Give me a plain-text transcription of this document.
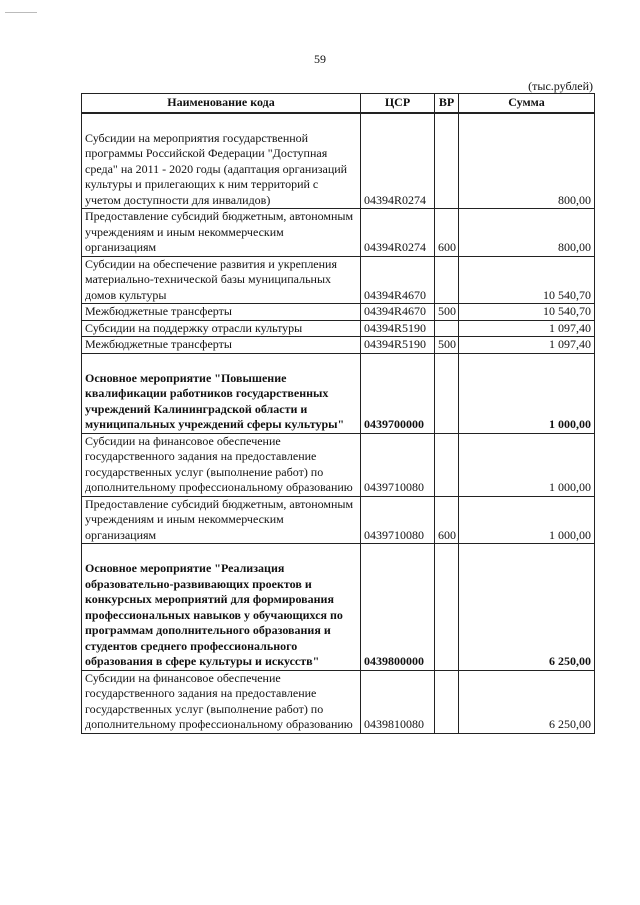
59
(тыс.рублей)
Наименование кода	ЦСР	ВР	Сумма
Субсидии на мероприятия государственной программы Российской Федерации "Доступная среда" на 2011 - 2020 годы (адаптация организаций культуры и прилегающих к ним территорий с учетом доступности для инвалидов)	04394R0274		800,00
Предоставление субсидий бюджетным, автономным учреждениям и иным некоммерческим организациям	04394R0274	600	800,00
Субсидии на обеспечение развития и укрепления материально-технической базы муниципальных домов культуры	04394R4670		10 540,70
Межбюджетные трансферты	04394R4670	500	10 540,70
Субсидии на поддержку отрасли культуры	04394R5190		1 097,40
Межбюджетные трансферты	04394R5190	500	1 097,40
Основное мероприятие "Повышение квалификации работников государственных учреждений Калининградской области и муниципальных учреждений сферы культуры"	0439700000		1 000,00
Субсидии на финансовое обеспечение государственного задания на предоставление государственных услуг (выполнение работ) по дополнительному профессиональному образованию	0439710080		1 000,00
Предоставление субсидий бюджетным, автономным учреждениям и иным некоммерческим организациям	0439710080	600	1 000,00
Основное мероприятие "Реализация образовательно-развивающих проектов и конкурсных мероприятий для формирования профессиональных навыков у обучающихся по программам дополнительного образования и студентов среднего профессионального образования в сфере культуры и искусств"	0439800000		6 250,00
Субсидии на финансовое обеспечение государственного задания на предоставление государственных услуг (выполнение работ) по дополнительному профессиональному образованию	0439810080		6 250,00
